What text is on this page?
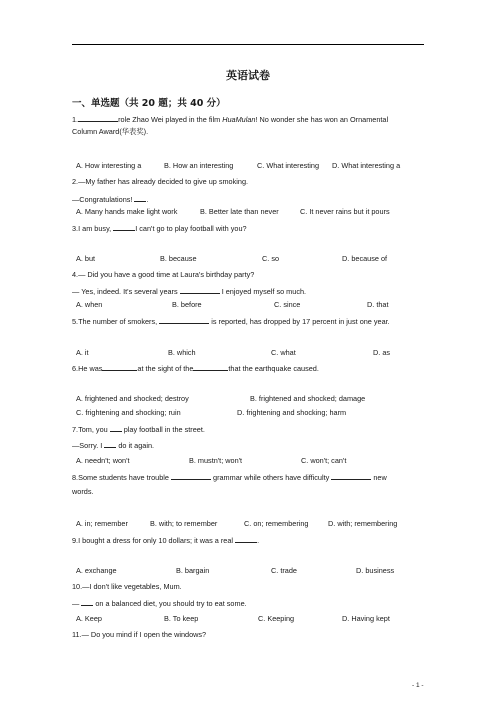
英语试卷
一、单选题（共 20 题；共 40 分）
1.	role Zhao Wei played in the film HuaMulan! No wonder she has won an Ornamental
Column Award(华表奖).
A. How interesting a	B. How an interesting	C. What interesting D. What interesting a
2.—My father has already decided to give up smoking.
—Congratulations! .
A. Many hands make light work	B. Better late than never	C. It never rains but it pours
3.I am busy,	I can't go to play football with you?
A. but	B. because	C. so	D. because of
4.— Did you have a good time at Laura's birthday party?
— Yes, indeed. It's several years	I enjoyed myself so much.
A. when	B. before	C. since	D. that
5.The number of smokers,	is reported, has dropped by 17 percent in just one year.
A. it	B. which	C. what	D. as
6.He was	at the sight of the	that the earthquake caused.
A. frightened and shocked; destroy	B. frightened and shocked; damage
C. frightening and shocking; ruin	D. frightening and shocking; harm
7.Tom, you  play football in the street.
—Sorry. I  do it again.
A. needn't; won't	B. mustn't; won't	C. won't; can't
8.Some students have trouble	grammar while others have difficulty	new
words.
A. in; remember	B. with; to remember	C. on; remembering	D. with; remembering
9.I bought a dress for only 10 dollars; it was a real	.
A. exchange	B. bargain	C. trade	D. business
10.—I don't like vegetables, Mum.
—  on a balanced diet, you should try to eat some.
A. Keep	B. To keep	C. Keeping	D. Having kept
11.— Do you mind if I open the windows?
- 1 -
